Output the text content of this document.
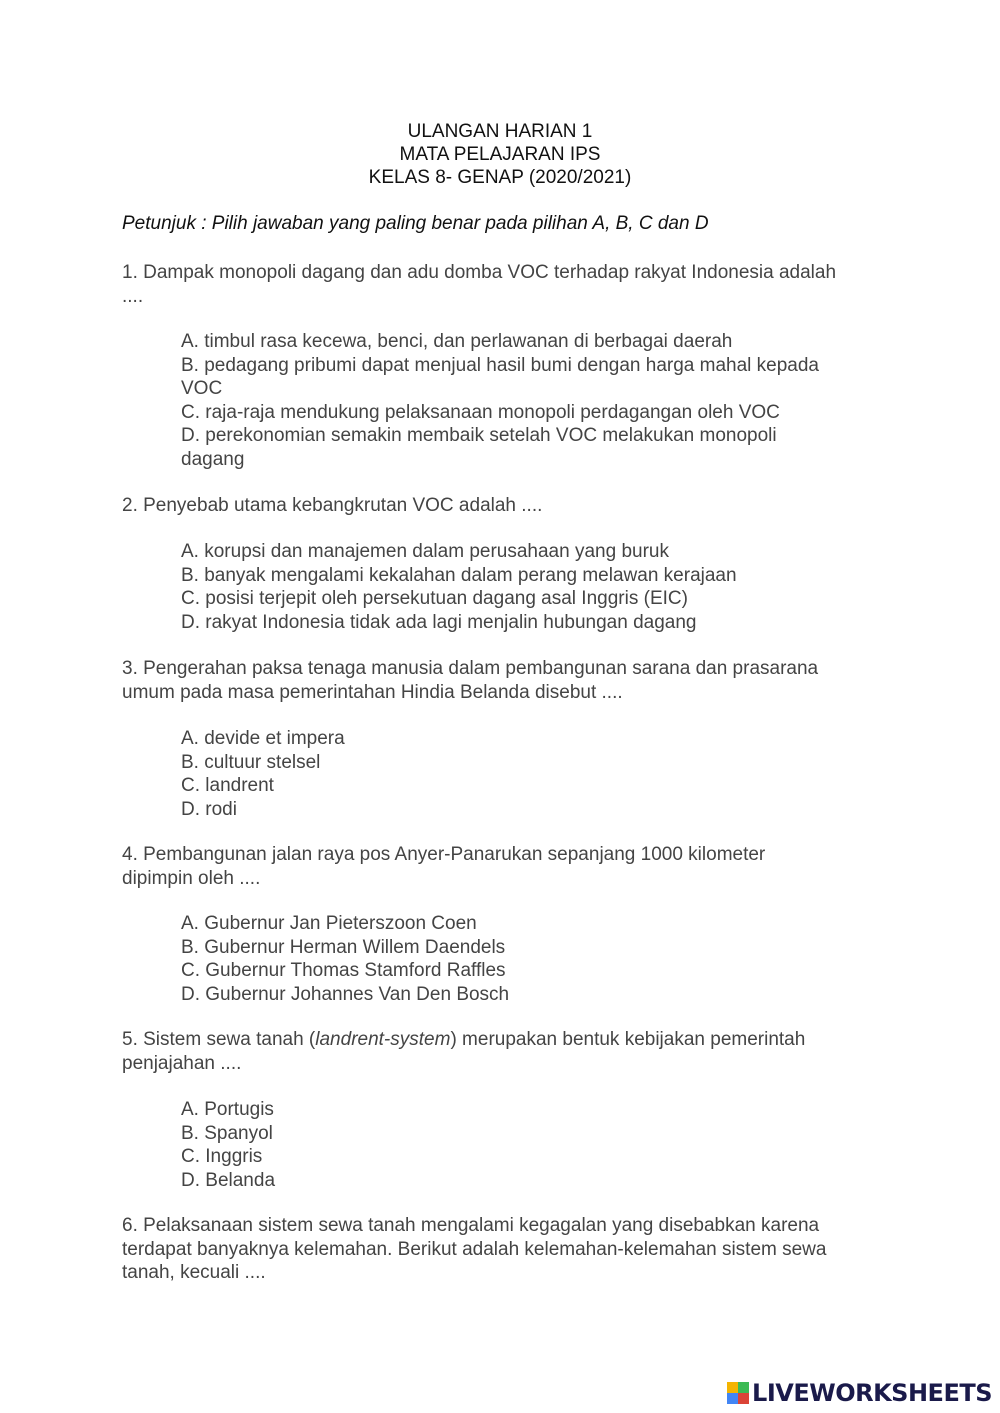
ULANGAN HARIAN 1
MATA PELAJARAN IPS
KELAS 8- GENAP (2020/2021)
Petunjuk : Pilih jawaban yang paling benar pada pilihan A, B, C dan D
1. Dampak monopoli dagang dan adu domba VOC terhadap rakyat Indonesia adalah
....
A. timbul rasa kecewa, benci, dan perlawanan di berbagai daerah
B. pedagang pribumi dapat menjual hasil bumi dengan harga mahal kepada
VOC
C. raja-raja mendukung pelaksanaan monopoli perdagangan oleh VOC
D. perekonomian semakin membaik setelah VOC melakukan monopoli
dagang
2. Penyebab utama kebangkrutan VOC adalah ....
A. korupsi dan manajemen dalam perusahaan yang buruk
B. banyak mengalami kekalahan dalam perang melawan kerajaan
C. posisi terjepit oleh persekutuan dagang asal Inggris (EIC)
D. rakyat Indonesia tidak ada lagi menjalin hubungan dagang
3. Pengerahan paksa tenaga manusia dalam pembangunan sarana dan prasarana
umum pada masa pemerintahan Hindia Belanda disebut ....
A. devide et impera
B. cultuur stelsel
C. landrent
D. rodi
4. Pembangunan jalan raya pos Anyer-Panarukan sepanjang 1000 kilometer
dipimpin oleh ....
A. Gubernur Jan Pieterszoon Coen
B. Gubernur Herman Willem Daendels
C. Gubernur Thomas Stamford Raffles
D. Gubernur Johannes Van Den Bosch
5. Sistem sewa tanah (landrent-system) merupakan bentuk kebijakan pemerintah
penjajahan ....
A. Portugis
B. Spanyol
C. Inggris
D. Belanda
6. Pelaksanaan sistem sewa tanah mengalami kegagalan yang disebabkan karena
terdapat banyaknya kelemahan. Berikut adalah kelemahan-kelemahan sistem sewa
tanah, kecuali ....
LIVEWORKSHEETS
